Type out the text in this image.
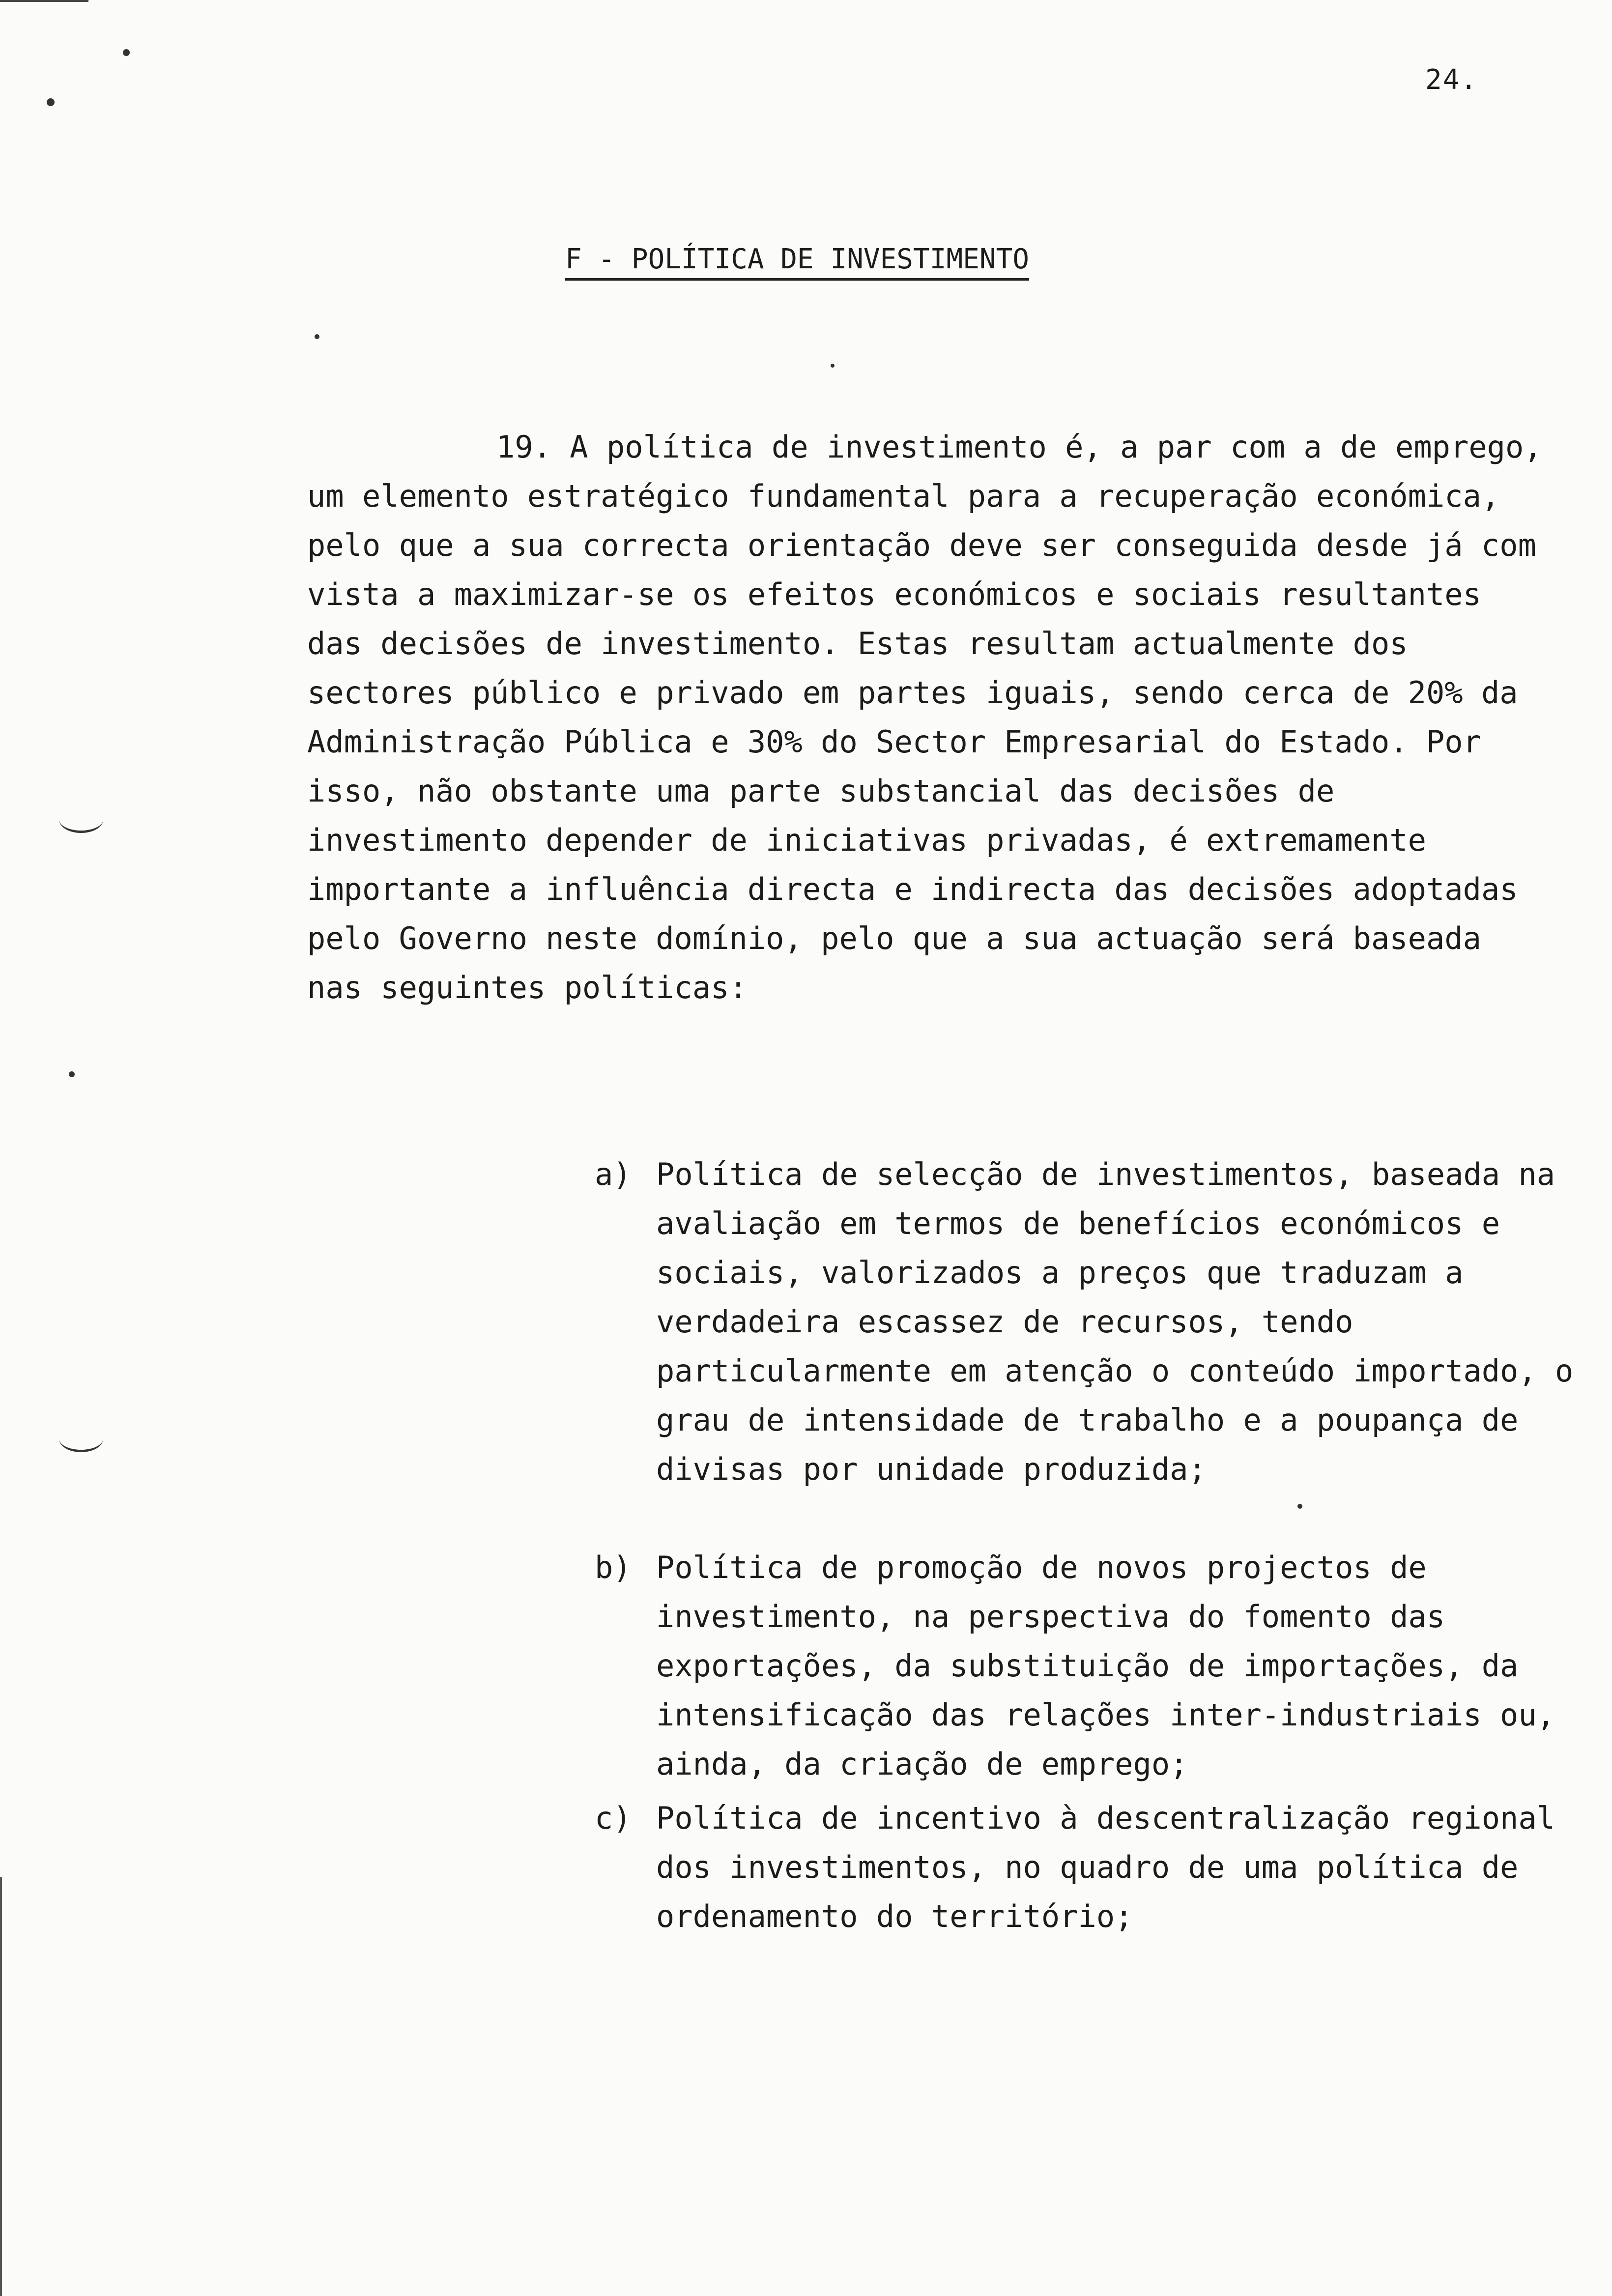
24.
F - POLÍTICA DE INVESTIMENTO

19. A política de investimento é, a par com a de emprego, um elemento estratégico fundamental para a recuperação económica, pelo que a sua correcta orientação deve ser conseguida desde já com vista a maximizar-se os efeitos económicos e sociais resultantes das decisões de investimento. Estas resultam actualmente dos sectores público e privado em partes iguais, sendo cerca de 20% da Administração Pública e 30% do Sector Empresarial do Estado. Por isso, não obstante uma parte substancial das decisões de investimento depender de iniciativas privadas, é extremamente importante a influência directa e indirecta das decisões adoptadas pelo Governo neste domínio, pelo que a sua actuação será baseada nas seguintes políticas:

a) Política de selecção de investimentos, baseada na avaliação em termos de benefícios económicos e sociais, valorizados a preços que traduzam a verdadeira escassez de recursos, tendo particularmente em atenção o conteúdo importado, o grau de intensidade de trabalho e a poupança de divisas por unidade produzida;
b) Política de promoção de novos projectos de investimento, na perspectiva do fomento das exportações, da substituição de importações, da intensificação das relações inter-industriais ou, ainda, da criação de emprego;
c) Política de incentivo à descentralização regional dos investimentos, no quadro de uma política de ordenamento do território;
